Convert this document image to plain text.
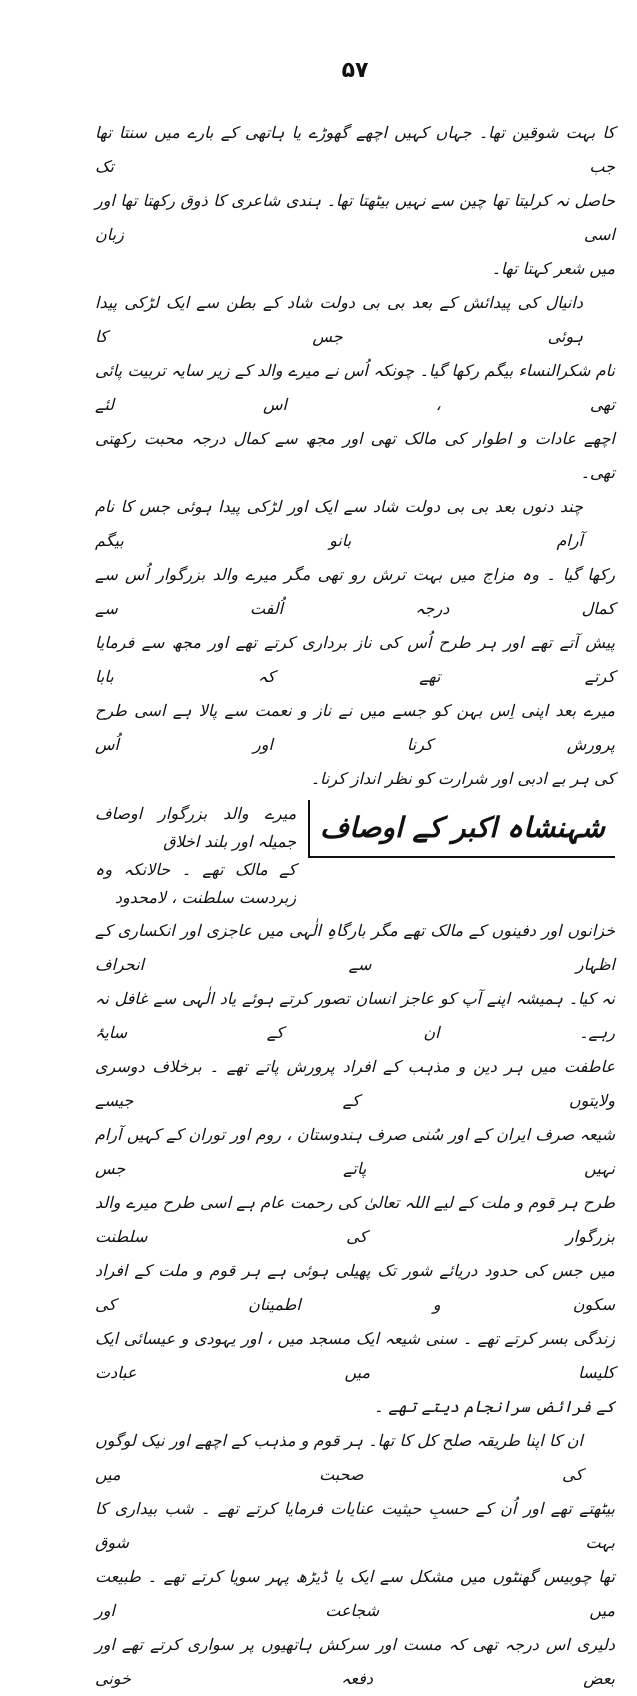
۵۷
کا بہت شوقین تھا۔ جہاں کہیں اچھے گھوڑے یا ہاتھی کے بارے میں سنتا تھا جب تک
حاصل نہ کرلیتا تھا چین سے نہیں بیٹھتا تھا۔ ہندی شاعری کا ذوق رکھتا تھا اور اسی زبان
میں شعر کہتا تھا۔
دانیال کی پیدائش کے بعد بی بی دولت شاد کے بطن سے ایک لڑکی پیدا ہوئی جس کا
نام شکرالنساء بیگم رکھا گیا۔ چونکہ اُس نے میرے والد کے زیر سایہ تربیت پائی تھی ، اس لئے
اچھے عادات و اطوار کی مالک تھی اور مجھ سے کمال درجہ محبت رکھتی تھی۔
چند دنوں بعد بی بی دولت شاد سے ایک اور لڑکی پیدا ہوئی جس کا نام آرام بانو بیگم
رکھا گیا ۔ وہ مزاج میں بہت ترش رو تھی مگر میرے والد بزرگوار اُس سے کمال درجہ اُلفت سے
پیش آتے تھے اور ہر طرح اُس کی ناز برداری کرتے تھے اور مجھ سے فرمایا کرتے تھے کہ بابا
میرے بعد اپنی اِس بہن کو جسے میں نے ناز و نعمت سے پالا ہے اسی طرح پرورش کرنا اور اُس
کی ہر بے ادبی اور شرارت کو نظر انداز کرنا۔
شہنشاہ اکبر کے اوصاف
میرے والد بزرگوار اوصاف جمیلہ اور بلند اخلاق
کے مالک تھے ۔ حالانکہ وہ زبردست سلطنت ، لامحدود
خزانوں اور دفینوں کے مالک تھے مگر بارگاہِ الٰہی میں عاجزی اور انکساری کے اظہار سے انحراف
نہ کیا۔ ہمیشہ اپنے آپ کو عاجز انسان تصور کرتے ہوئے یاد الٰہی سے غافل نہ رہے۔ ان کے سایۂ
عاطفت میں ہر دین و مذہب کے افراد پرورش پاتے تھے ۔ برخلاف دوسری ولایتوں کے جیسے
شیعہ صرف ایران کے اور سُنی صرف ہندوستان ، روم اور توران کے کہیں آرام نہیں پاتے جس
طرح ہر قوم و ملت کے لیے اللہ تعالیٰ کی رحمت عام ہے اسی طرح میرے والد بزرگوار کی سلطنت
میں جس کی حدود دریائے شور تک پھیلی ہوئی ہے ہر قوم و ملت کے افراد سکون و اطمینان کی
زندگی بسر کرتے تھے ۔ سنی شیعہ ایک مسجد میں ، اور یہودی و عیسائی ایک کلیسا میں عبادت
کے فرائض سرانجام دیتے تھے ۔
ان کا اپنا طریقہ صلح کل کا تھا۔ ہر قوم و مذہب کے اچھے اور نیک لوگوں کی صحبت میں
بیٹھتے تھے اور اُن کے حسبِ حیثیت عنایات فرمایا کرتے تھے ۔ شب بیداری کا بہت شوق
تھا چوبیس گھنٹوں میں مشکل سے ایک یا ڈیڑھ پہر سویا کرتے تھے ۔ طبیعت میں شجاعت اور
دلیری اس درجہ تھی کہ مست اور سرکش ہاتھیوں پر سواری کرتے تھے اور بعض دفعہ خونی
